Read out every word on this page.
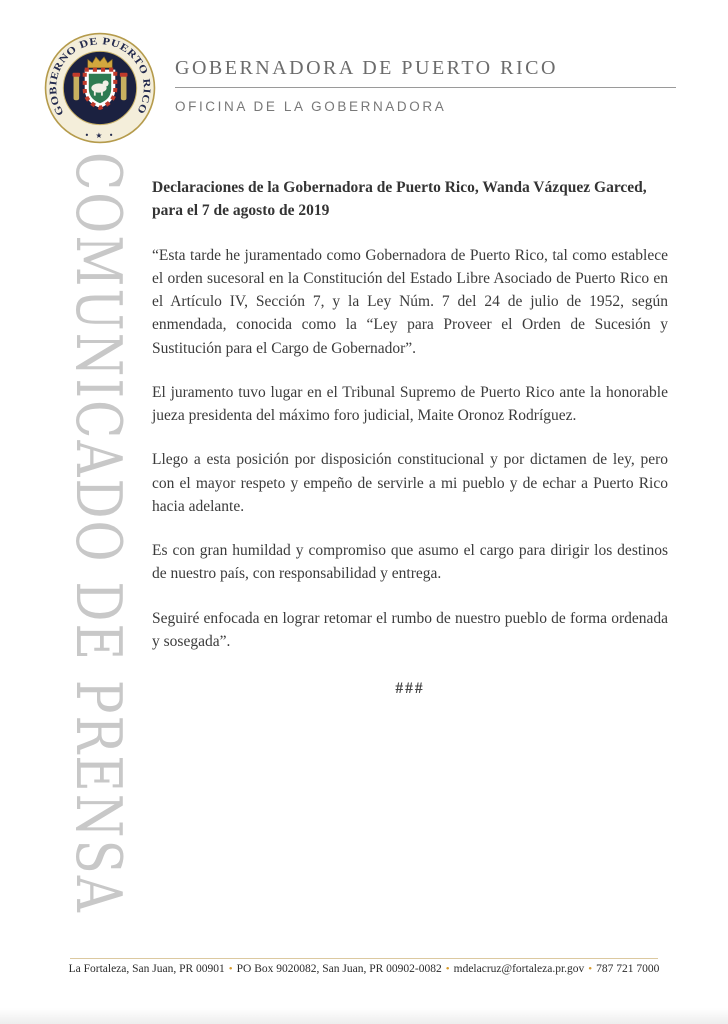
GOBIERNO DE PUERTO RICO
• ★ •
GOBERNADORA DE PUERTO RICO
OFICINA DE LA GOBERNADORA
COMUNICADO DE PRENSA Declaraciones de la Gobernadora de Puerto Rico, Wanda Vázquez Garced, para el 7 de agosto de 2019

“Esta tarde he juramentado como Gobernadora de Puerto Rico, tal como establece el orden sucesoral en la Constitución del Estado Libre Asociado de Puerto Rico en el Artículo IV, Sección 7, y la Ley Núm. 7 del 24 de julio de 1952, según enmendada, conocida como la “Ley para Proveer el Orden de Sucesión y Sustitución para el Cargo de Gobernador”.

El juramento tuvo lugar en el Tribunal Supremo de Puerto Rico ante la honorable jueza presidenta del máximo foro judicial, Maite Oronoz Rodríguez.

Llego a esta posición por disposición constitucional y por dictamen de ley, pero con el mayor respeto y empeño de servirle a mi pueblo y de echar a Puerto Rico hacia adelante.

Es con gran humildad y compromiso que asumo el cargo para dirigir los destinos de nuestro país, con responsabilidad y entrega.

Seguiré enfocada en lograr retomar el rumbo de nuestro pueblo de forma ordenada y sosegada”.

###

La Fortaleza, San Juan, PR 00901 • PO Box 9020082, San Juan, PR 00902-0082 • mdelacruz@fortaleza.pr.gov • 787 721 7000
